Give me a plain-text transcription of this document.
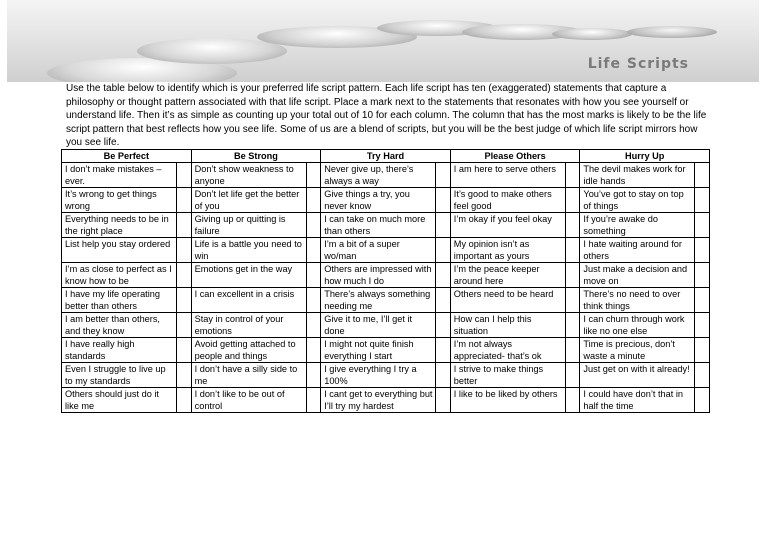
Life Scripts

Use the table below to identify which is your preferred life script pattern. Each life script has ten (exaggerated) statements that capture a philosophy or thought pattern associated with that life script. Place a mark next to the statements that resonates with how you see yourself or understand life. Then it’s as simple as counting up your total out of 10 for each column. The column that has the most marks is likely to be the life script pattern that best reflects how you see life. Some of us are a blend of scripts, but you will be the best judge of which life script mirrors how you see life.

Be Perfect		Be Strong		Try Hard		Please Others		Hurry Up	
I don’t make mistakes – ever.		Don’t show weakness to anyone		Never give up, there’s always a way		I am here to serve others		The devil makes work for idle hands	
It’s wrong to get things wrong		Don’t let life get the better of you		Give things a try, you never know		It’s good to make others feel good		You’ve got to stay on top of things	
Everything needs to be in the right place		Giving up or quitting is failure		I can take on much more than others		I’m okay if you feel okay		If you’re awake do something	
List help you stay ordered		Life is a battle you need to win		I’m a bit of a super wo/man		My opinion isn’t as important as yours		I hate waiting around for others	
I’m as close to perfect as I know how to be		Emotions get in the way		Others are impressed with how much I do		I’m the peace keeper around here		Just make a decision and move on	
I have my life operating better than others		I can excellent in a crisis		There’s always something needing me		Others need to be heard		There’s no need to over think things	
I am better than others, and they know		Stay in control of your emotions		Give it to me, I’ll get it done		How can I help this situation		I can churn through work like no one else	
I have really high standards		Avoid getting attached to people and things		I might not quite finish everything I start		I’m not always appreciated- that’s ok		Time is precious, don’t waste a minute	
Even I struggle to live up to my standards		I don’t have a silly side to me		I give everything I try a 100%		I strive to make things better		Just get on with it already!	
Others should just do it like me		I don’t like to be out of control		I cant get to everything but I’ll try my hardest		I like to be liked by others		I could have don’t that in half the time	
